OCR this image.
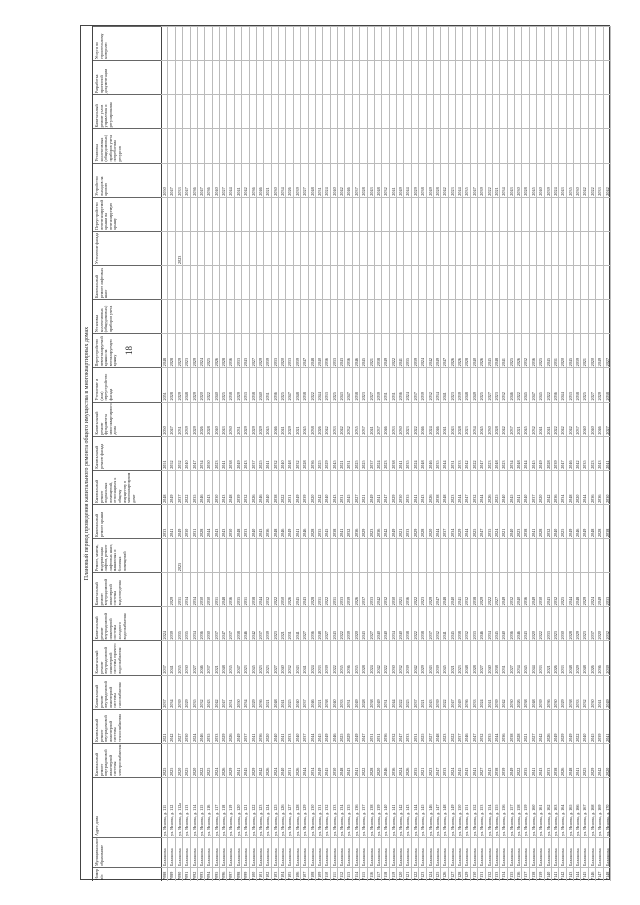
18
Плановый период проведения капитального ремонта общего имущества в многоквартирных домах
Номер п/п
Муниципальное образование
Адрес дома
Капитальный ремонт внутридомовой инженерной системы электроснабжения
Капитальный ремонт внутридомовой инженерной системы теплоснабжения
Капитальный ремонт внутридомовой инженерной системы газоснабжения
Капитальный ремонт внутридомовой инженерной системы горячего водоснабжения
Капитальный ремонт внутридомовой инженерной системы холодного водоснабжения
Капитальный ремонт внутридомовой инженерной системы водоотведения
Ремонт, замена, модернизация лифтов, ремонт лифтовых шахт, машинных и блочных помещений
Капитальный ремонт крыши
Капитальный ремонт подвальных помещений, относящихся к общему имуществу в многоквартирном доме
Капитальный ремонт фасада
Капитальный ремонт фундамента многоквартирного дома
Утепление и (или) переустройство фасада
Переустройство невентилируемой крыши на вентилируемую крышу
Установка коллективных (общедомовых) приборов учета
Капитальный ремонт лифтовых шахт
Утепление фасада
Переустройство невентилируемой крыши на вентилируемую крышу
Устройство выходов на кровлю
Установка коллективных (общедомовых) приборов учета потребления ресурсов
Капитальный ремонт узлов управления и регулирования
Разработка проектной документации
Услуги по строительному контролю
7088
Балашиха
ул. Яснова, д. 111
2025
2021
2037
2037
2024
2033
2048
2051
2050
2051
2048
2050
7089
Балашиха
ул. Яснова, д. 112
2025
2042
2034
2041
2039
2029
2041
2049
2052
2047
2028
2028
2047
7090
Балашиха
ул. Яснова, д. 112а
2020
2027
2039
2035
2035
2031
2025
2049
2037
2052
2031
2029
2029
2023
2033
7091
Балашиха
ул. Яснова, д. 113
2025
2030
2029
2030
2035
2034
2030
2022
2040
2039
2048
2023
2047
7092
Балашиха
ул. Яснова, д. 114
2020
2024
2035
2027
2034
2034
2031
2035
2047
2029
2029
2029
2036
7093
Балашиха
ул. Яснова, д. 115
2022
2046
2032
2046
2036
2030
2028
2046
2034
2026
2020
2024
2047
7094
Балашиха
ул. Яснова, д. 116
2025
2035
2043
2037
2030
2030
2044
2043
2050
2028
2022
2025
2036
7095
Балашиха
ул. Яснова, д. 117
2024
2033
2042
2021
2037
2031
2043
2030
2023
2040
2040
2026
2040
7096
Балашиха
ул. Яснова, д. 118
2026
2029
2047
2048
2047
2048
2043
2043
2041
2043
2025
2028
2027
7097
Балашиха
ул. Яснова, д. 119
2029
2026
2031
2035
2037
2036
2030
2048
2038
2030
2038
2036
2044
7098
Балашиха
ул. Яснова, д. 120
2041
2049
2050
2047
2038
2035
2048
2039
2049
2031
2029
2033
2041
7099
Балашиха
ул. Яснова, д. 121
2045
2037
2034
2023
2046
2031
2033
2032
2043
2029
2033
2043
2042
7100
Балашиха
ул. Яснова, д. 122
2029
2041
2029
2045
2042
2038
2040
2026
2037
2029
2038
2027
2036
7101
Балашиха
ул. Яснова, д. 123
2042
2036
2036
2023
2037
2044
2043
2046
2025
2029
2040
2029
2046
7102
Балашиха
ул. Яснова, д. 124
2026
2020
2021
2023
2039
2032
2036
2040
2041
2045
2031
2039
2021
7103
Балашиха
ул. Яснова, д. 125
2024
2040
2048
2027
2023
2022
2048
2038
2032
2046
2036
2033
2030
7104
Балашиха
ул. Яснова, д. 126
2040
2041
2041
2040
2021
2050
2046
2022
2040
2041
2025
2020
2034
7105
Балашиха
ул. Яснова, д. 127
2031
2033
2025
2032
2031
2026
2049
2031
2048
2029
2047
2033
2026
7106
Балашиха
ул. Яснова, д. 128
2026
2040
2040
2043
2041
2045
2041
2049
2032
2021
2048
2039
2039
7107
Балашиха
ул. Яснова, д. 129
2044
2037
2037
2041
2027
2043
2046
2039
2028
2045
2038
2047
2027
7108
Балашиха
ул. Яснова, д. 130
2034
2044
2046
2024
2036
2028
2028
2020
2036
2038
2022
2048
2048
7109
Балашиха
ул. Яснова, д. 131
2049
2045
2021
2033
2048
2031
2035
2042
2025
2026
2044
2040
2031
7110
Балашиха
ул. Яснова, д. 132
2045
2049
2038
2039
2027
2022
2045
2040
2029
2042
2033
2036
2024
7111
Балашиха
ул. Яснова, д. 133
2030
2046
2040
2022
2043
2031
2038
2043
2045
2033
2025
2033
2040
7112
Балашиха
ул. Яснова, д. 134
2048
2025
2033
2035
2022
2033
2041
2031
2021
2042
2043
2043
2042
7113
Балашиха
ул. Яснова, д. 135
2043
2029
2031
2036
2039
2039
2032
2045
2031
2032
2047
2036
2046
7114
Балашиха
ул. Яснова, д. 136
2041
2049
2049
2035
2020
2026
2036
2027
2025
2035
2038
2046
2037
7115
Балашиха
ул. Яснова, д. 137
2022
2047
2028
2028
2043
2037
2029
2021
2025
2037
2023
2045
2028
7116
Балашиха
ул. Яснова, д. 138
2028
2031
2038
2024
2027
2033
2023
2049
2037
2041
2027
2021
2043
7117
Балашиха
ул. Яснова, д. 139
2020
2031
2049
2042
2040
2042
2036
2041
2024
2037
2039
2038
2048
7118
Балашиха
ул. Яснова, д. 140
2046
2036
2031
2022
2040
2032
2042
2047
2023
2046
2031
2049
2032
7119
Балашиха
ул. Яснова, д. 141
2036
2032
2044
2030
2034
2030
2049
2029
2038
2033
2031
2022
2041
7120
Балашиха
ул. Яснова, д. 142
2024
2047
2022
2032
2040
2021
2021
2030
2041
2030
2036
2041
2049
7121
Балашиха
ул. Яснова, д. 143
2026
2033
2025
2039
2038
2036
2033
2035
2035
2023
2024
2035
2044
7122
Балашиха
ул. Яснова, д. 144
2035
2031
2037
2042
2022
2022
2029
2041
2024
2022
2037
2039
2029
7123
Балашиха
ул. Яснова, д. 145
2021
2025
2021
2029
2038
2023
2028
2043
2048
2046
2039
2024
2038
7124
Балашиха
ул. Яснова, д. 146
2023
2027
2043
2043
2037
2029
2020
2026
2046
2024
2032
2042
2049
7125
Балашиха
ул. Яснова, д. 147
2047
2048
2039
2039
2032
2047
2044
2038
2035
2046
2034
2049
2028
7126
Балашиха
ул. Яснова, д. 148
2033
2023
2022
2045
2041
2048
2037
2048
2044
2041
2041
2047
2042
7127
Балашиха
ул. Яснова, д. 149
2024
2022
2047
2021
2045
2040
2034
2023
2031
2043
2023
2026
2023
7128
Балашиха
ул. Яснова, д. 150
2045
2037
2049
2023
2038
2041
2029
2044
2033
2028
2039
2026
2044
7129
Балашиха
ул. Яснова, д. 151
2043
2046
2036
2048
2032
2032
2044
2047
2042
2023
2048
2028
2035
7130
Балашиха
ул. Яснова, д. 152
2041
2047
2033
2028
2033
2038
2025
2032
2022
2034
2049
2040
2047
7131
Балашиха
ул. Яснова, д. 153
2027
2032
2024
2027
2046
2029
2047
2044
2047
2045
2025
2026
2039
7132
Балашиха
ул. Яснова, д. 154
2043
2035
2041
2040
2034
2022
2035
2026
2023
2030
2027
2045
2022
7133
Балашиха
ул. Яснова, д. 155
2038
2044
2039
2038
2045
2027
2024
2025
2048
2028
2023
2048
2021
7134
Балашиха
ул. Яснова, д. 156
2039
2036
2042
2031
2040
2049
2021
2040
2023
2042
2032
2041
2034
7135
Балашиха
ул. Яснова, д. 157
2049
2038
2030
2027
2036
2032
2040
2045
2034
2037
2046
2025
2043
7136
Балашиха
ул. Яснова, д. 158
2022
2028
2026
2034
2046
2040
2023
2041
2048
2021
2022
2026
2030
7137
Балашиха
ул. Яснова, д. 159
2035
2021
2038
2045
2043
2036
2038
2040
2044
2045
2045
2032
2028
7138
Балашиха
ул. Яснова, д. 160
2041
2027
2048
2044
2020
2049
2041
2037
2045
2032
2047
2036
2045
7139
Балашиха
ул. Яснова, д. 161
2043
2042
2039
2033
2022
2030
2028
2020
2049
2041
2045
2025
2040
7140
Балашиха
ул. Яснова, д. 162
2033
2026
2036
2021
2033
2043
2032
2042
2028
2041
2022
2045
2039
7141
Балашиха
ул. Яснова, д. 163
2038
2049
2030
2026
2023
2032
2040
2036
2039
2022
2036
2031
2024
7142
Балашиха
ул. Яснова, д. 164
2026
2029
2029
2033
2030
2025
2025
2034
2047
2042
2044
2020
2043
7143
Балашиха
ул. Яснова, д. 165
2048
2049
2038
2048
2028
2044
2049
2048
2046
2042
2033
2045
2035
7144
Балашиха
ул. Яснова, д. 166
2041
2022
2033
2029
2029
2048
2046
2020
2042
2037
2038
2039
2030
7145
Балашиха
ул. Яснова, д. 167
2025
2040
2032
2048
2023
2029
2049
2044
2035
2040
2025
2021
2042
7146
Балашиха
ул. Яснова, д. 168
2029
2045
2030
2026
2037
2024
2048
2036
2023
2040
2027
2020
2022
7147
Балашиха
ул. Яснова, д. 169
2042
2039
2041
2036
2020
2049
2028
2036
2043
2046
2029
2049
2033
7148
Балашиха
ул. Яснова, д. 170
2020
2041
2049
2039
2032
2033
2038
2030
2041
2027
2038
2027
2042
